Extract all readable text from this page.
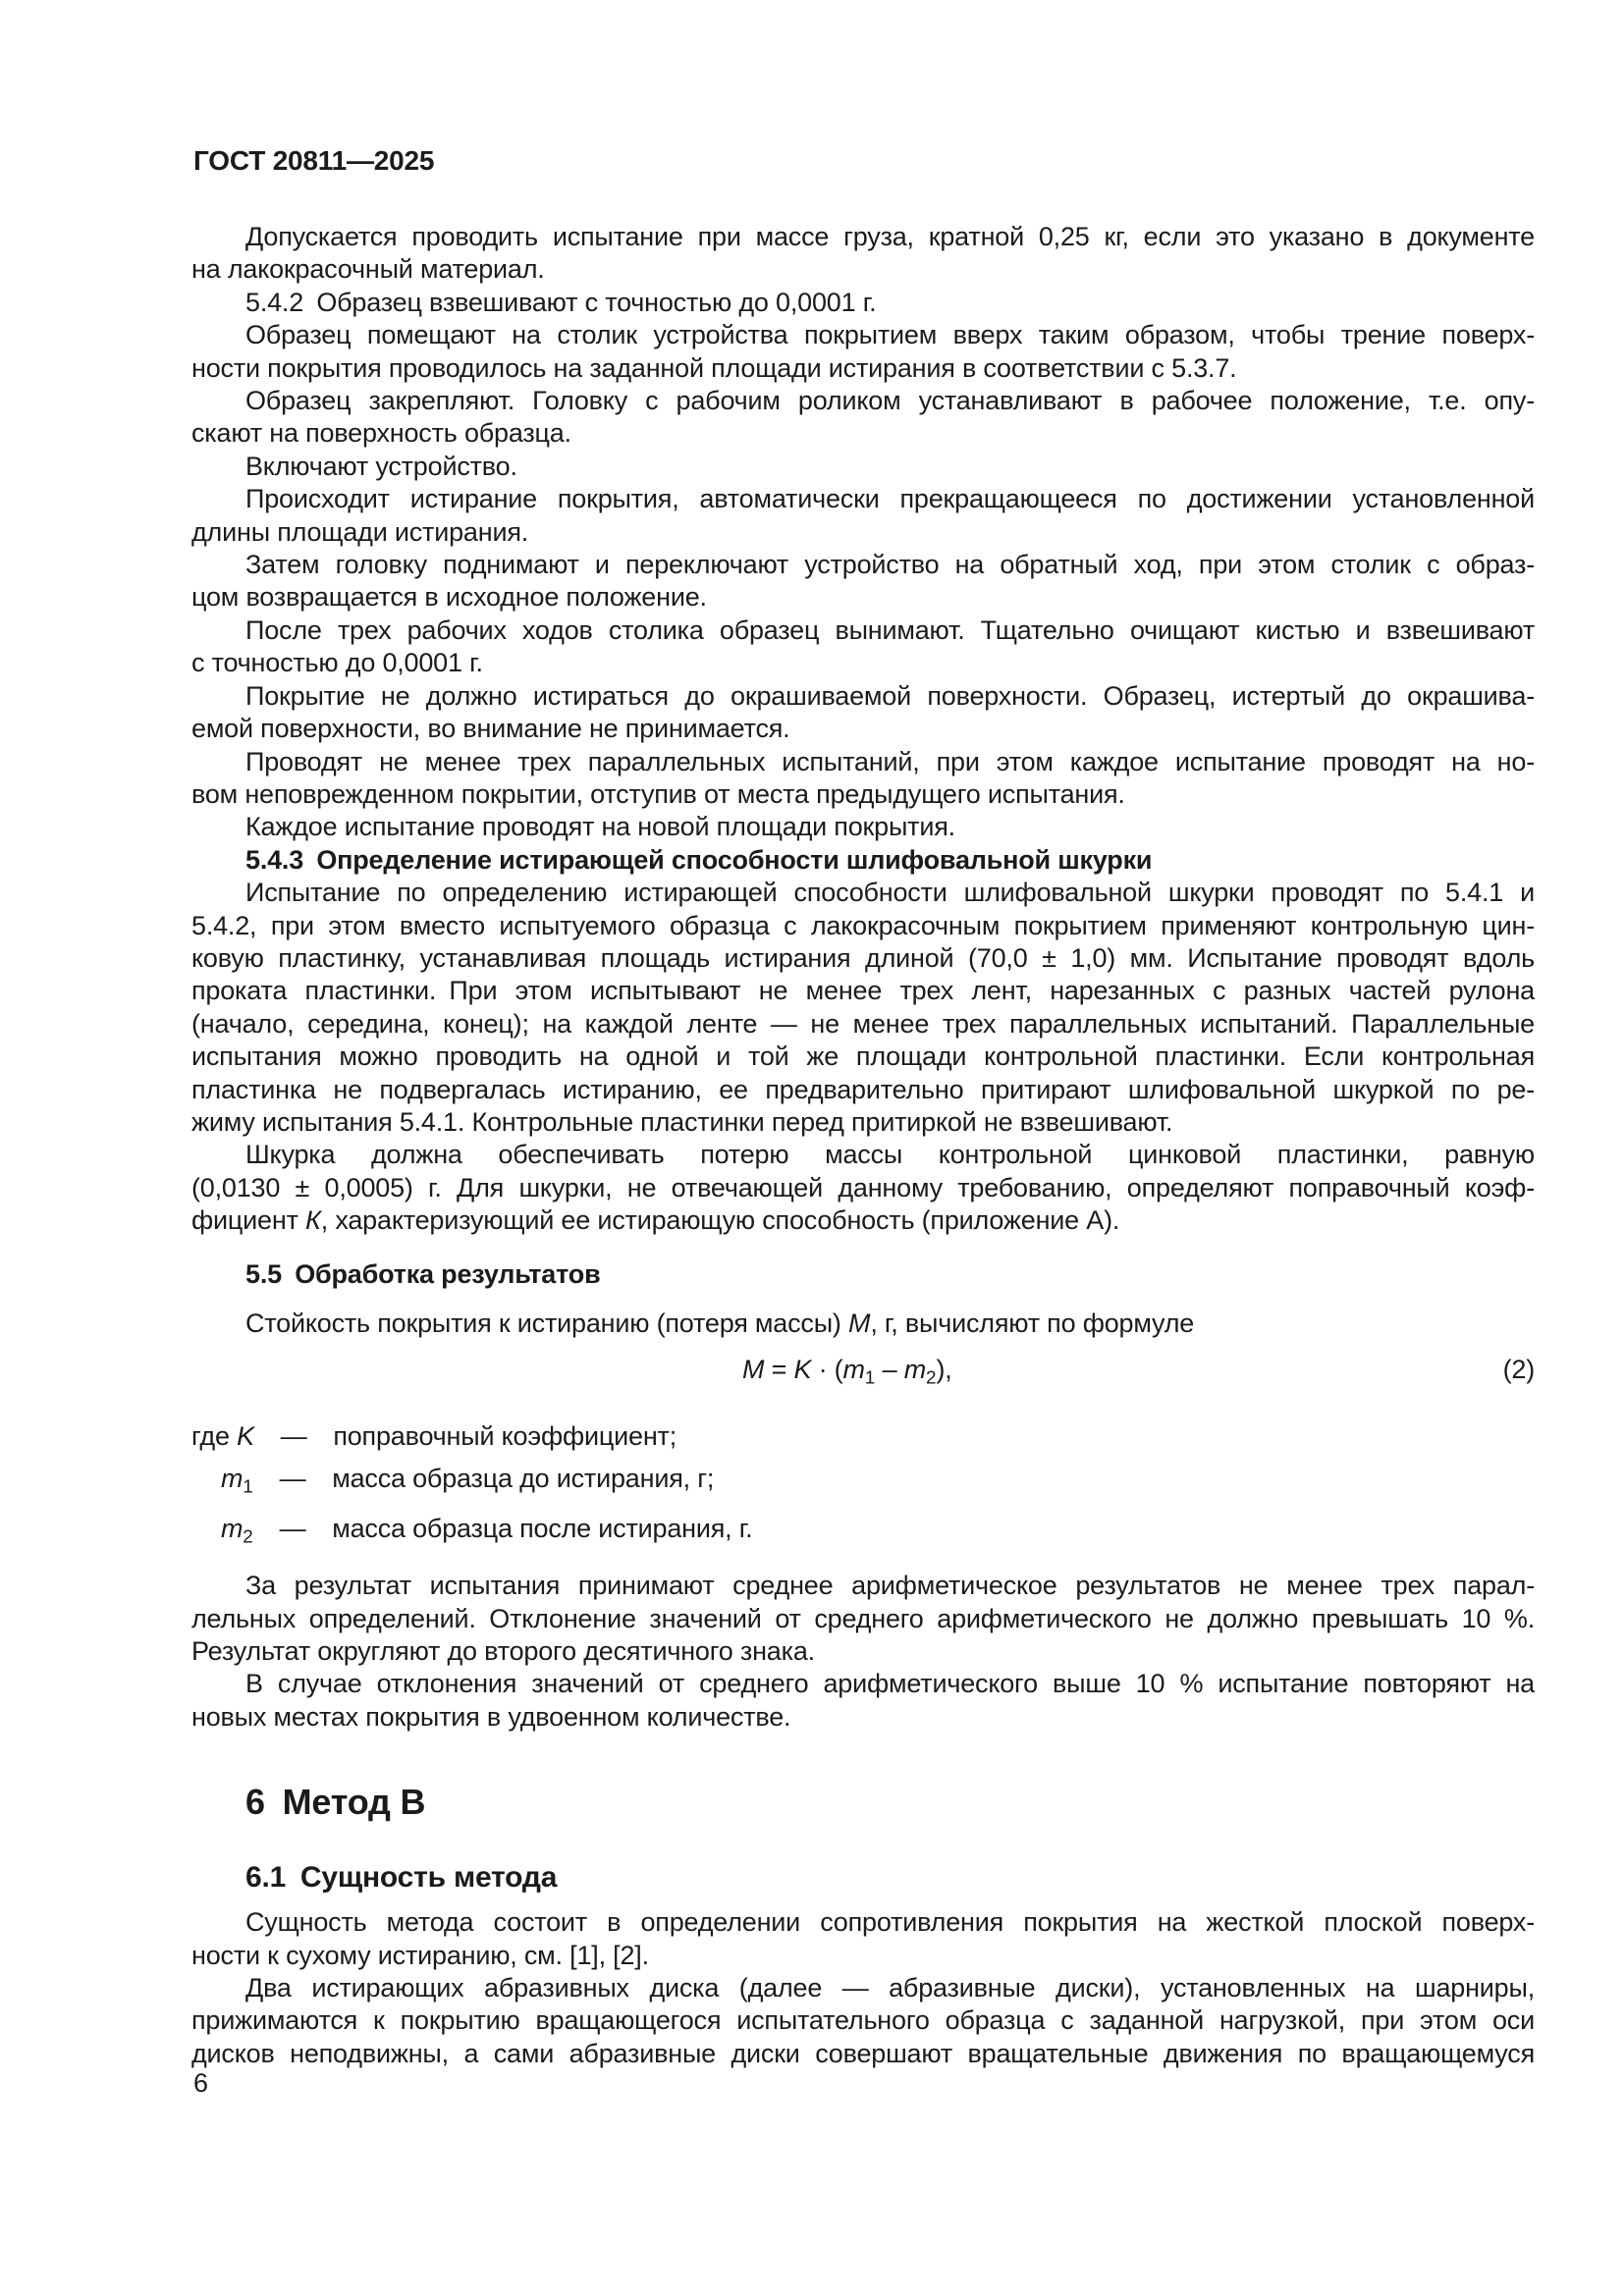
ГОСТ 20811—2025
Допускается проводить испытание при массе груза, кратной 0,25 кг, если это указано в документе
на лакокрасочный материал.
5.4.2 Образец взвешивают с точностью до 0,0001 г.
Образец помещают на столик устройства покрытием вверх таким образом, чтобы трение поверх-
ности покрытия проводилось на заданной площади истирания в соответствии с 5.3.7.
Образец закрепляют. Головку с рабочим роликом устанавливают в рабочее положение, т.е. опу-
скают на поверхность образца.
Включают устройство.
Происходит истирание покрытия, автоматически прекращающееся по достижении установленной
длины площади истирания.
Затем головку поднимают и переключают устройство на обратный ход, при этом столик с образ-
цом возвращается в исходное положение.
После трех рабочих ходов столика образец вынимают. Тщательно очищают кистью и взвешивают
с точностью до 0,0001 г.
Покрытие не должно истираться до окрашиваемой поверхности. Образец, истертый до окрашива-
емой поверхности, во внимание не принимается.
Проводят не менее трех параллельных испытаний, при этом каждое испытание проводят на но-
вом неповрежденном покрытии, отступив от места предыдущего испытания.
Каждое испытание проводят на новой площади покрытия.
5.4.3 Определение истирающей способности шлифовальной шкурки
Испытание по определению истирающей способности шлифовальной шкурки проводят по 5.4.1 и
5.4.2, при этом вместо испытуемого образца с лакокрасочным покрытием применяют контрольную цин-
ковую пластинку, устанавливая площадь истирания длиной (70,0 ± 1,0) мм. Испытание проводят вдоль
проката пластинки. При этом испытывают не менее трех лент, нарезанных с разных частей рулона
(начало, середина, конец); на каждой ленте — не менее трех параллельных испытаний. Параллельные
испытания можно проводить на одной и той же площади контрольной пластинки. Если контрольная
пластинка не подвергалась истиранию, ее предварительно притирают шлифовальной шкуркой по ре-
жиму испытания 5.4.1. Контрольные пластинки перед притиркой не взвешивают.
Шкурка должна обеспечивать потерю массы контрольной цинковой пластинки, равную
(0,0130 ± 0,0005) г. Для шкурки, не отвечающей данному требованию, определяют поправочный коэф-
фициент К, характеризующий ее истирающую способность (приложение А).
5.5 Обработка результатов
Стойкость покрытия к истиранию (потеря массы) M, г, вычисляют по формуле
M = K · (m1 – m2),	(2)
где K — поправочный коэффициент;
m1 — масса образца до истирания, г;
m2 — масса образца после истирания, г.
За результат испытания принимают среднее арифметическое результатов не менее трех парал-
лельных определений. Отклонение значений от среднего арифметического не должно превышать 10 %.
Результат округляют до второго десятичного знака.
В случае отклонения значений от среднего арифметического выше 10 % испытание повторяют на
новых местах покрытия в удвоенном количестве.
6 Метод В
6.1 Сущность метода
Сущность метода состоит в определении сопротивления покрытия на жесткой плоской поверх-
ности к сухому истиранию, см. [1], [2].
Два истирающих абразивных диска (далее — абразивные диски), установленных на шарниры,
прижимаются к покрытию вращающегося испытательного образца с заданной нагрузкой, при этом оси
дисков неподвижны, а сами абразивные диски совершают вращательные движения по вращающемуся
6
